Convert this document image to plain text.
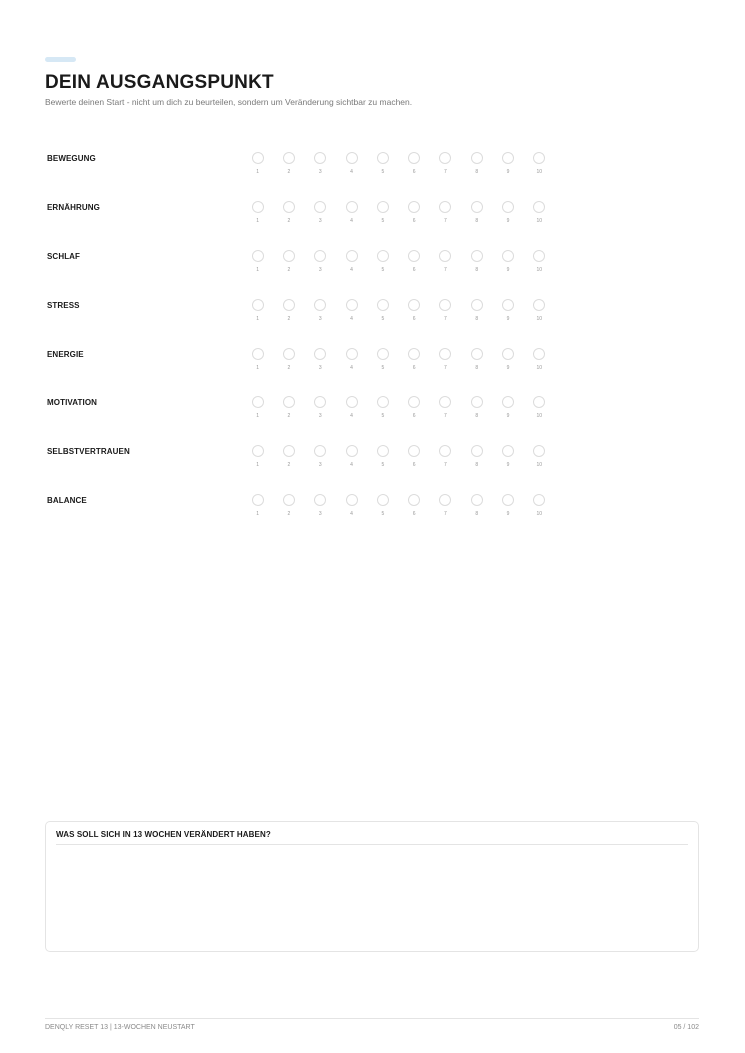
DEIN AUSGANGSPUNKT

Bewerte deinen Start - nicht um dich zu beurteilen, sondern um Veränderung sichtbar zu machen.

BEWEGUNG
1	2	3	4	5	6	7	8	9	10
ERNÄHRUNG
1	2	3	4	5	6	7	8	9	10
SCHLAF
1	2	3	4	5	6	7	8	9	10
STRESS
1	2	3	4	5	6	7	8	9	10
ENERGIE
1	2	3	4	5	6	7	8	9	10
MOTIVATION
1	2	3	4	5	6	7	8	9	10
SELBSTVERTRAUEN
1	2	3	4	5	6	7	8	9	10
BALANCE
1	2	3	4	5	6	7	8	9	10
WAS SOLL SICH IN 13 WOCHEN VERÄNDERT HABEN?
DENQLY RESET 13 | 13-WOCHEN NEUSTART	05 / 102
